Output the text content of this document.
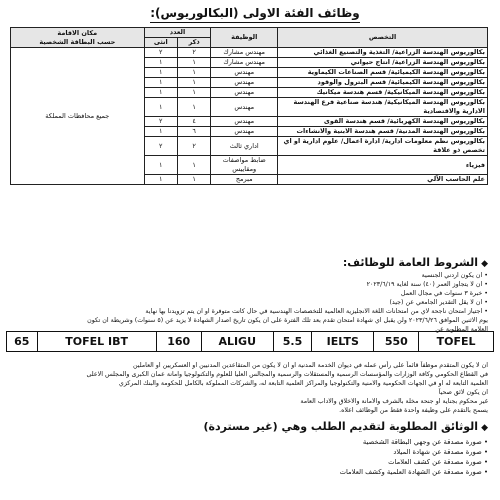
وظائف الفئة الاولى (البكالوريوس):
التخصص	الوظيفة	العدد		مكان الاقامة
حسب البطاقة الشخصية
		ذكر	انثى	
بكالوريوس الهندسة الزراعية/ التغذية والتصنيع الغذائي	مهندس مشارك	٢	٢	جميع محافظات المملكة
بكالوريوس الهندسة الزراعية/ انتاج حيواني	مهندس مشارك	١	١	
بكالوريوس الهندسة الكيميائية/ قسم الصناعات الكيماوية	مهندس	١	١	
بكالوريوس الهندسة الكيميائية/ قسم البترول والوقود	مهندس	١	١	
بكالوريوس الهندسة الميكانيكية/ قسم هندسة ميكانيك	مهندس	١	١	
بكالوريوس الهندسة الميكانيكية/ هندسة صناعية فرع الهندسة الادارية والاقتصادية	مهندس	١	١	
بكالوريوس الهندسة الكهربائية/ قسم هندسة القوى	مهندس	٤	٢	
بكالوريوس الهندسة المدنية/ قسم هندسة الابنية والانشاءات	مهندس	٦	١	
بكالوريوس نظم معلومات ادارية/ ادارة اعمال/ علوم ادارية او اي تخصص ذو علاقة	اداري ثالث	٢	٢	
فيزياء	ضابط مواصفات ومقاييس	١	١	
علم الحاسب الآلي	مبرمج	١	١	
◆الشروط العامة للوظائف:
• ان يكون اردني الجنسية
• ان لا يتجاوز العمر (٤٠) سنة لغاية ٢٠٢٣/٦/١٩
• خبرة ٣ سنوات في مجال العمل
• ان لا يقل التقدير الجامعي عن (جيد)
• اجتياز امتحان ناجحة لاي من امتحانات اللغة الانجليزية العالمية للتخصصات الهندسية في حال كانت متوفرة او ان يتم تزويدنا بها نهاية
يوم الاثنين الموافق ٢٠٢٣/٦/٢٦ ولن يقبل اي شهادة امتحان تقدم بعد تلك الفترة على ان يكون تاريخ اصدار الشهادة لا يزيد عن (٥ سنوات) وشريطة ان تكون
العلامة المطلوبة عن
65	TOFEL IBT	160	ALIGU	5.5	IELTS	550	TOFEL
ان لا يكون المتقدم موظفاً قائماً على رأس عمله في ديوان الخدمة المدنية او ان لا يكون من المتقاعدين المدنيين او العسكريين او العاملين
في القطاع الحكومي وكافة الوزارات والمؤسسات الرسمية والمستقلات والرسمية والمجالس العليا للعلوم والتكنولوجيا وامانة عمان الكبرى والمجلس الاعلى
العلمية التابعة له او في الجهات الحكومية والامنية والتكنولوجيا والمراكز العلمية التابعة له، والشركات المملوكة بالكامل للحكومة والبنك المركزي
ان يكون لائق صحياً
غير محكوم بجناية او جنحة مخلة بالشرف والامانة والاخلاق والاداب العامة
يسمح بالتقدم على وظيفة واحدة فقط من الوظائف اعلاه.
◆الوثائق المطلوبة لتقديم الطلب وهي (غير مستردة)
• صورة مصدقة عن وجهي البطاقة الشخصية
• صورة مصدقة عن شهادة الميلاد
• صورة مصدقة عن كشف العلامات
• صورة مصدقة عن الشهادة العلمية وكشف العلامات
